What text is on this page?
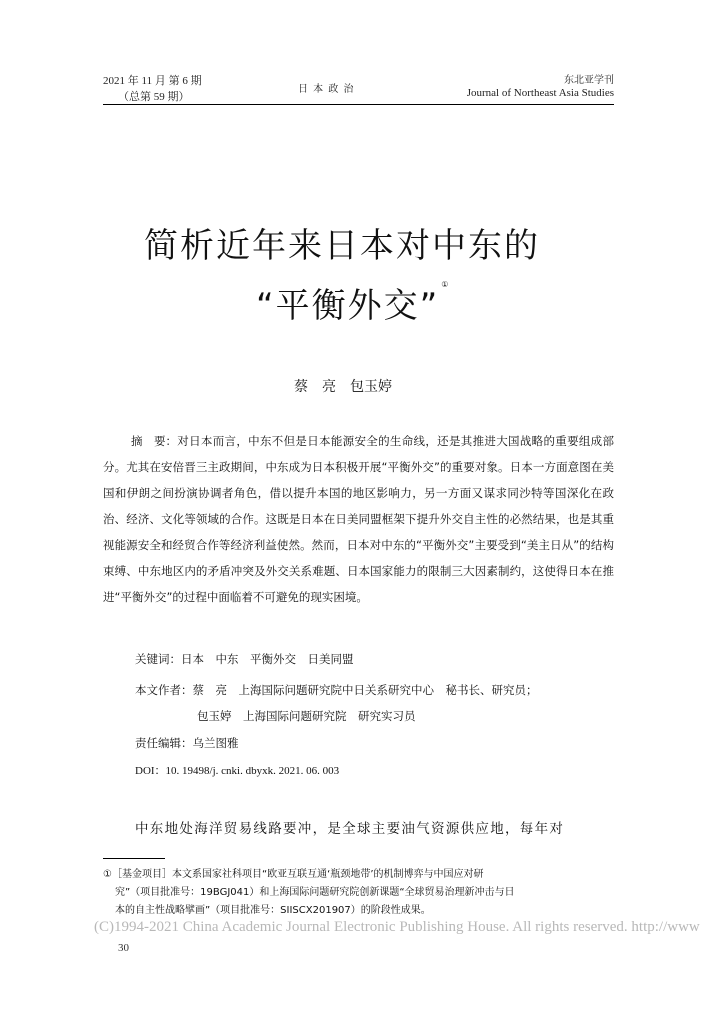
2021 年 11 月 第 6 期
（总第 59 期）
日 本 政 治
东北亚学刊
Journal of Northeast Asia Studies
简析近年来日本对中东的
“平衡外交”①
蔡　亮　包玉婷
摘　要：对日本而言，中东不但是日本能源安全的生命线，还是其推进大国战略的重要组成部分。尤其在安倍晋三主政期间，中东成为日本积极开展“平衡外交”的重要对象。日本一方面意图在美国和伊朗之间扮演协调者角色，借以提升本国的地区影响力，另一方面又谋求同沙特等国深化在政治、经济、文化等领域的合作。这既是日本在日美同盟框架下提升外交自主性的必然结果，也是其重视能源安全和经贸合作等经济利益使然。然而，日本对中东的“平衡外交”主要受到“美主日从”的结构束缚、中东地区内的矛盾冲突及外交关系难题、日本国家能力的限制三大因素制约，这使得日本在推进“平衡外交”的过程中面临着不可避免的现实困境。
关键词：日本　中东　平衡外交　日美同盟
本文作者：蔡　亮　上海国际问题研究院中日关系研究中心　秘书长、研究员；
包玉婷　上海国际问题研究院　研究实习员
责任编辑：乌兰图雅
DOI：10. 19498/j. cnki. dbyxk. 2021. 06. 003
中东地处海洋贸易线路要冲，是全球主要油气资源供应地，每年对
①［基金项目］本文系国家社科项目“欧亚互联互通‘瓶颈地带’的机制博弈与中国应对研
究”（项目批准号：19BGJ041）和上海国际问题研究院创新课题“全球贸易治理新冲击与日
本的自主性战略擘画”（项目批准号：SIISCX201907）的阶段性成果。
(C)1994-2021 China Academic Journal Electronic Publishing House. All rights reserved. http://www
30
